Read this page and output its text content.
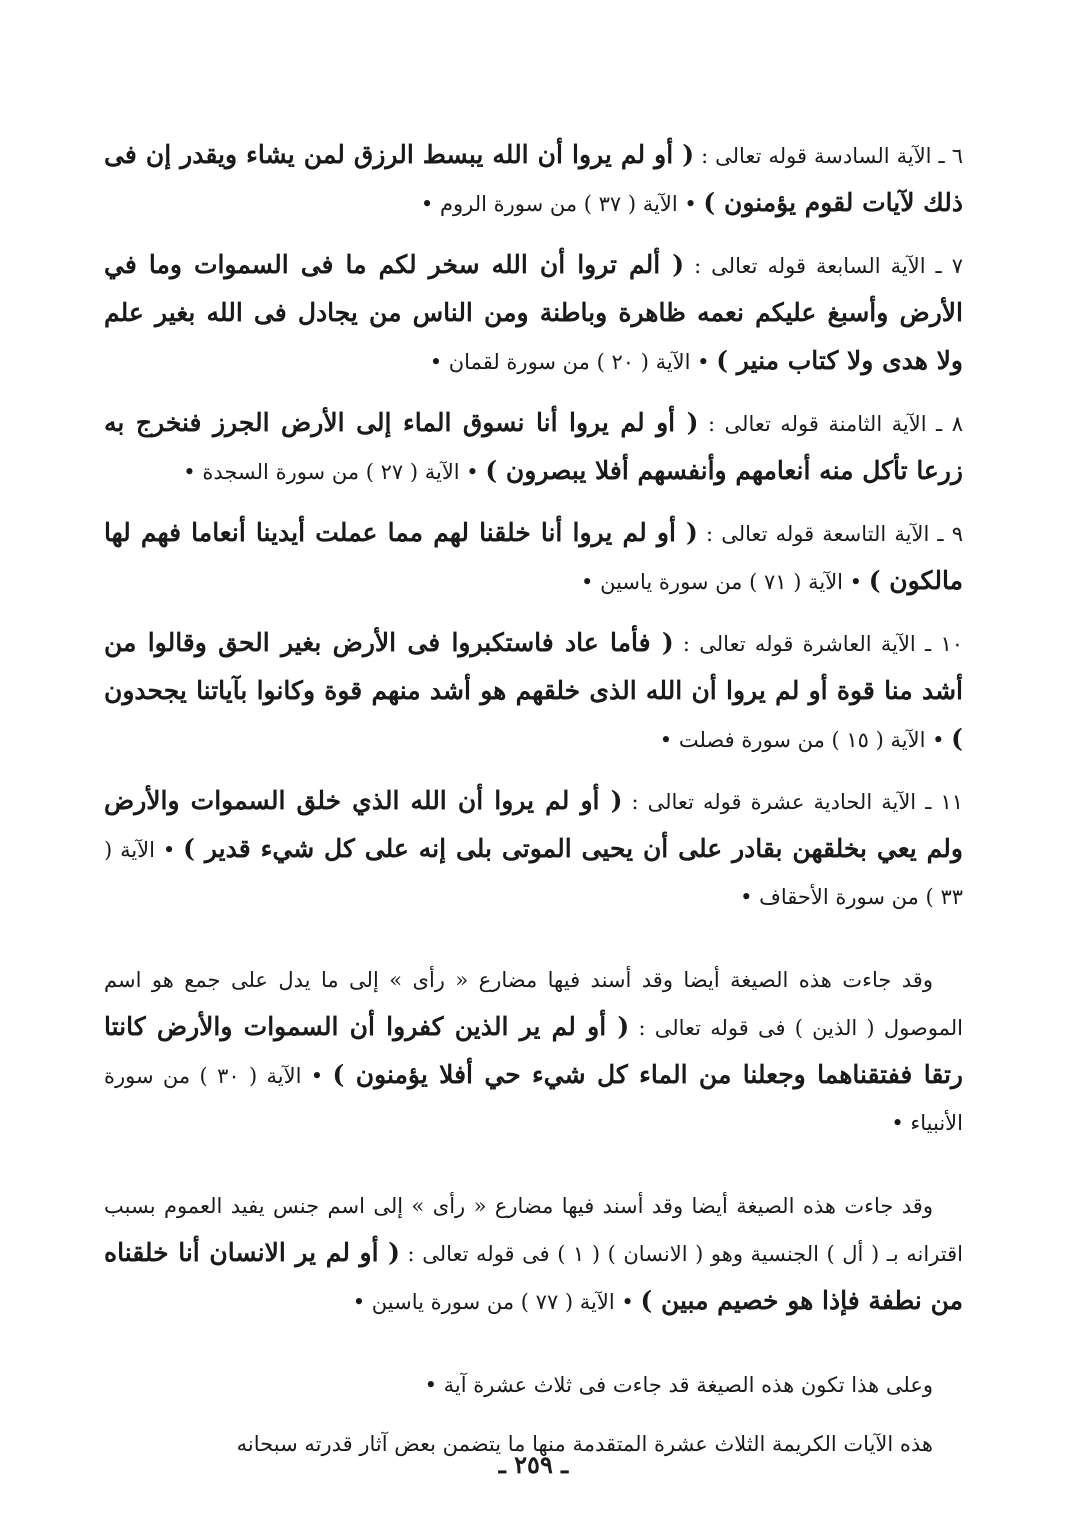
٦ ـ الآية السادسة قوله تعالى : ( أو لم يروا أن الله يبسط الرزق لمن يشاء ويقدر إن فى ذلك لآيات لقوم يؤمنون ) • الآية ( ٣٧ ) من سورة الروم •

٧ ـ الآية السابعة قوله تعالى : ( ألم تروا أن الله سخر لكم ما فى السموات وما في الأرض وأسبغ عليكم نعمه ظاهرة وباطنة ومن الناس من يجادل فى الله بغير علم ولا هدى ولا كتاب منير ) • الآية ( ٢٠ ) من سورة لقمان •

٨ ـ الآية الثامنة قوله تعالى : ( أو لم يروا أنا نسوق الماء إلى الأرض الجرز فنخرج به زرعا تأكل منه أنعامهم وأنفسهم أفلا يبصرون ) • الآية ( ٢٧ ) من سورة السجدة •

٩ ـ الآية التاسعة قوله تعالى : ( أو لم يروا أنا خلقنا لهم مما عملت أيدينا أنعاما فهم لها مالكون ) • الآية ( ٧١ ) من سورة ياسين •

١٠ ـ الآية العاشرة قوله تعالى : ( فأما عاد فاستكبروا فى الأرض بغير الحق وقالوا من أشد منا قوة أو لم يروا أن الله الذى خلقهم هو أشد منهم قوة وكانوا بآياتنا يجحدون ) • الآية ( ١٥ ) من سورة فصلت •

١١ ـ الآية الحادية عشرة قوله تعالى : ( أو لم يروا أن الله الذي خلق السموات والأرض ولم يعي بخلقهن بقادر على أن يحيى الموتى بلى إنه على كل شيء قدير ) • الآية ( ٣٣ ) من سورة الأحقاف •

وقد جاءت هذه الصيغة أيضا وقد أسند فيها مضارع « رأى » إلى ما يدل على جمع هو اسم الموصول ( الذين ) فى قوله تعالى : ( أو لم ير الذين كفروا أن السموات والأرض كانتا رتقا ففتقناهما وجعلنا من الماء كل شيء حي أفلا يؤمنون ) • الآية ( ٣٠ ) من سورة الأنبياء •

وقد جاءت هذه الصيغة أيضا وقد أسند فيها مضارع « رأى » إلى اسم جنس يفيد العموم بسبب اقترانه بـ ( أل ) الجنسية وهو ( الانسان ) ( ١ ) فى قوله تعالى : ( أو لم ير الانسان أنا خلقناه من نطفة فإذا هو خصيم مبين ) • الآية ( ٧٧ ) من سورة ياسين •

وعلى هذا تكون هذه الصيغة قد جاءت فى ثلاث عشرة آية •

هذه الآيات الكريمة الثلاث عشرة المتقدمة منها ما يتضمن بعض آثار قدرته سبحانه

ـ ٢٥٩ ـ
